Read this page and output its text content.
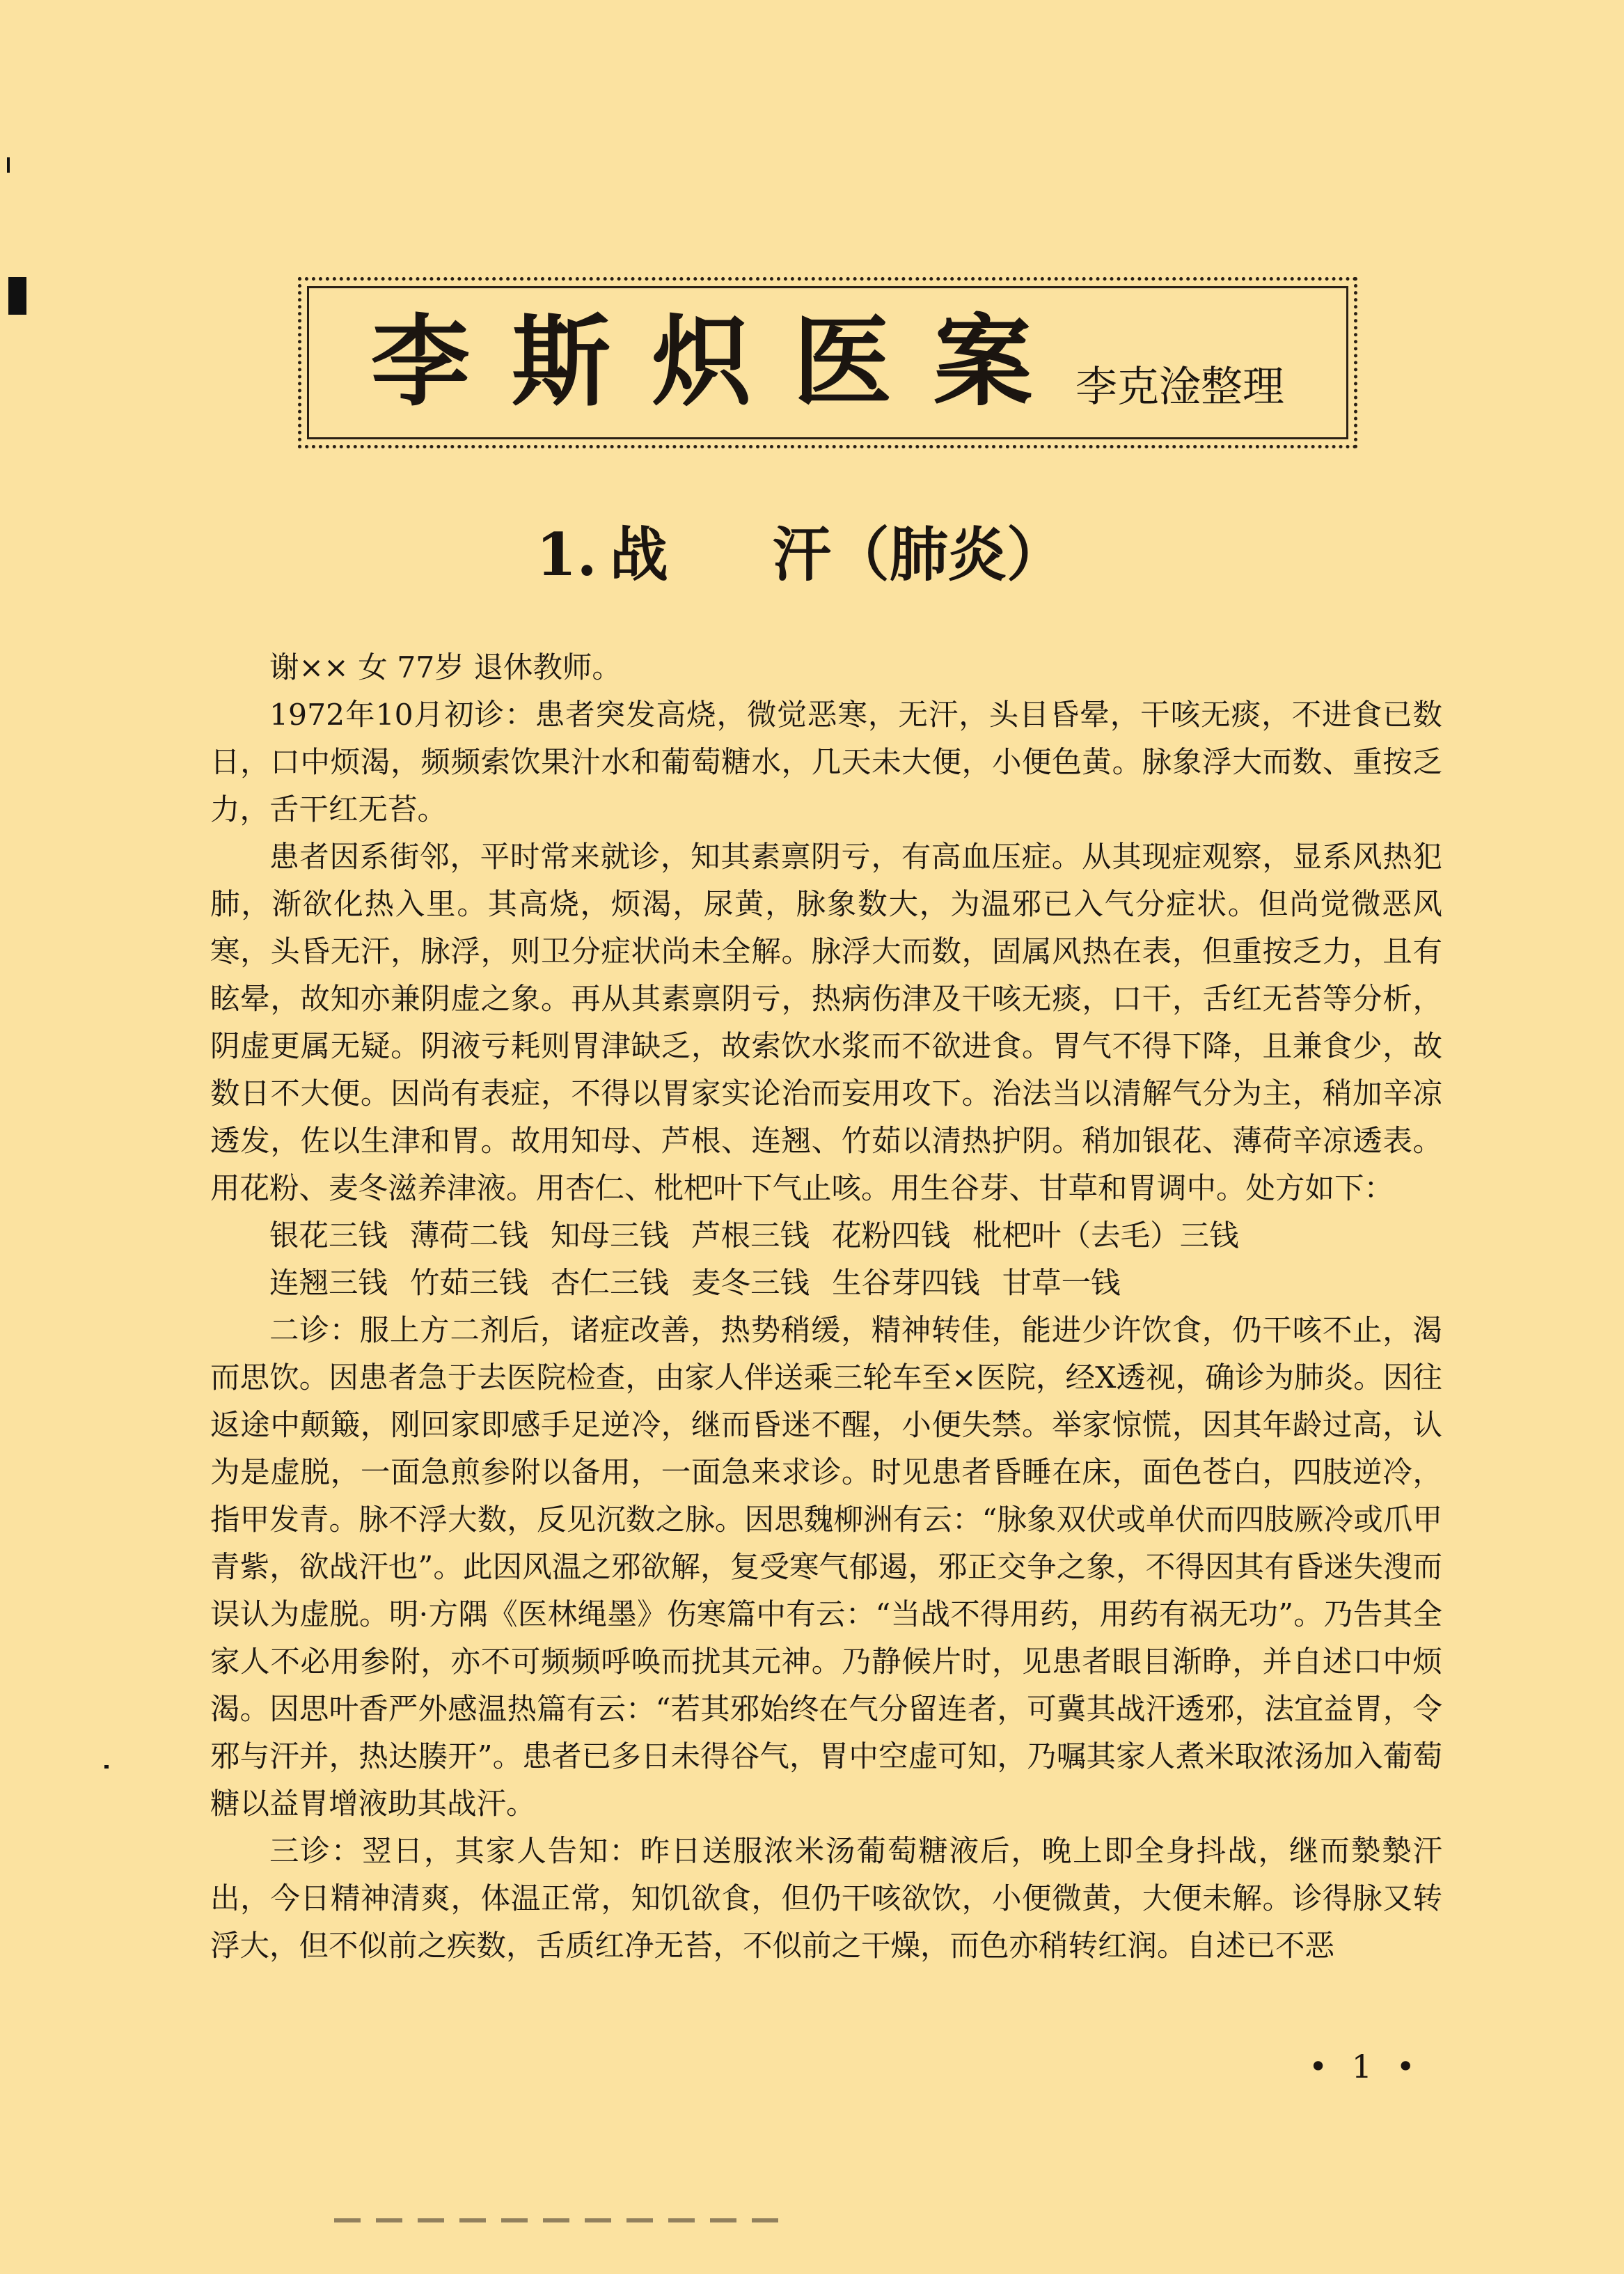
李斯炽医案 李克淦整理
1. 战 汗（肺炎）

谢×× 女 77岁 退休教师。

1972年10月初诊：患者突发高烧，微觉恶寒，无汗，头目昏晕，干咳无痰，不进食已数日，口中烦渴，频频索饮果汁水和葡萄糖水，几天未大便，小便色黄。脉象浮大而数、重按乏力，舌干红无苔。

患者因系街邻，平时常来就诊，知其素禀阴亏，有高血压症。从其现症观察，显系风热犯肺，渐欲化热入里。其高烧，烦渴，尿黄，脉象数大，为温邪已入气分症状。但尚觉微恶风寒，头昏无汗，脉浮，则卫分症状尚未全解。脉浮大而数，固属风热在表，但重按乏力，且有眩晕，故知亦兼阴虚之象。再从其素禀阴亏，热病伤津及干咳无痰，口干，舌红无苔等分析，阴虚更属无疑。阴液亏耗则胃津缺乏，故索饮水浆而不欲进食。胃气不得下降，且兼食少，故数日不大便。因尚有表症，不得以胃家实论治而妄用攻下。治法当以清解气分为主，稍加辛凉透发，佐以生津和胃。故用知母、芦根、连翘、竹茹以清热护阴。稍加银花、薄荷辛凉透表。用花粉、麦冬滋养津液。用杏仁、枇杷叶下气止咳。用生谷芽、甘草和胃调中。处方如下：

银花三钱 薄荷二钱 知母三钱 芦根三钱 花粉四钱 枇杷叶（去毛）三钱
连翘三钱 竹茹三钱 杏仁三钱 麦冬三钱 生谷芽四钱 甘草一钱

二诊：服上方二剂后，诸症改善，热势稍缓，精神转佳，能进少许饮食，仍干咳不止，渴而思饮。因患者急于去医院检查，由家人伴送乘三轮车至×医院，经X透视，确诊为肺炎。因往返途中颠簸，刚回家即感手足逆冷，继而昏迷不醒，小便失禁。举家惊慌，因其年龄过高，认为是虚脱，一面急煎参附以备用，一面急来求诊。时见患者昏睡在床，面色苍白，四肢逆冷，指甲发青。脉不浮大数，反见沉数之脉。因思魏柳洲有云：“脉象双伏或单伏而四肢厥冷或爪甲青紫，欲战汗也”。此因风温之邪欲解，复受寒气郁遏，邪正交争之象，不得因其有昏迷失溲而误认为虚脱。明·方隅《医林绳墨》伤寒篇中有云：“当战不得用药，用药有祸无功”。乃告其全家人不必用参附，亦不可频频呼唤而扰其元神。乃静候片时，见患者眼目渐睁，并自述口中烦渴。因思叶香严外感温热篇有云：“若其邪始终在气分留连者，可冀其战汗透邪，法宜益胃，令邪与汗并，热达腠开”。患者已多日未得谷气，胃中空虚可知，乃嘱其家人煮米取浓汤加入葡萄糖以益胃增液助其战汗。

三诊：翌日，其家人告知：昨日送服浓米汤葡萄糖液后，晚上即全身抖战，继而漐漐汗出，今日精神清爽，体温正常，知饥欲食，但仍干咳欲饮，小便微黄，大便未解。诊得脉又转浮大，但不似前之疾数，舌质红净无苔，不似前之干燥，而色亦稍转红润。自述已不恶

• 1 •
